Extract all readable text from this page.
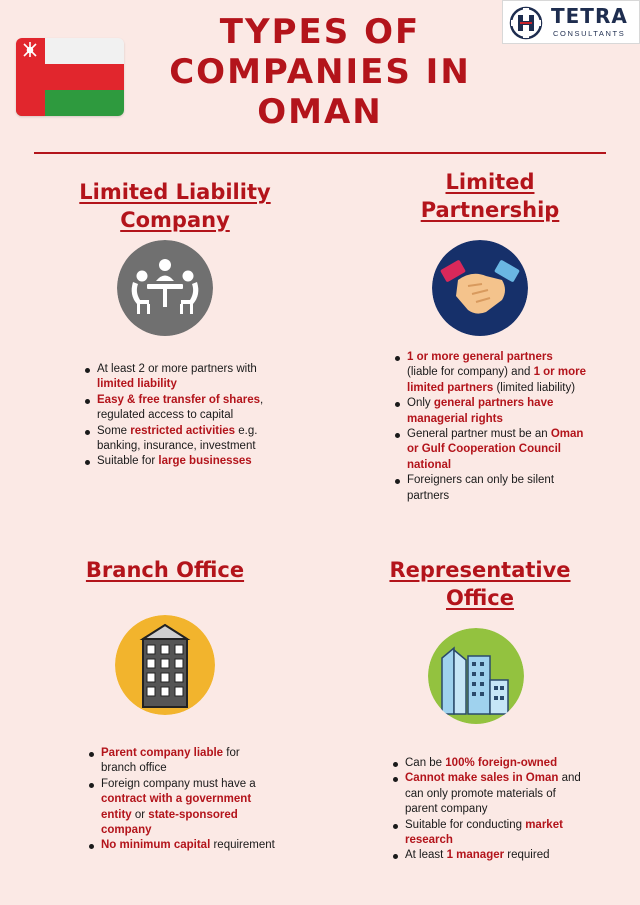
TYPES OF
COMPANIES IN
OMAN
TETRA
CONSULTANTS
Limited Liability
Company
At least 2 or more partners with limited liability
Easy & free transfer of shares, regulated access to capital
Some restricted activities e.g. banking, insurance, investment
Suitable for large businesses
Limited
Partnership
1 or more general partners (liable for company) and 1 or more limited partners (limited liability)
Only general partners have managerial rights
General partner must be an Oman or Gulf Cooperation Council national
Foreigners can only be silent partners
Branch Office
Parent company liable for branch office
Foreign company must have a contract with a government entity or state-sponsored company
No minimum capital requirement
Representative
Office
Can be 100% foreign-owned
Cannot make sales in Oman and can only promote materials of parent company
Suitable for conducting market research
At least 1 manager required
